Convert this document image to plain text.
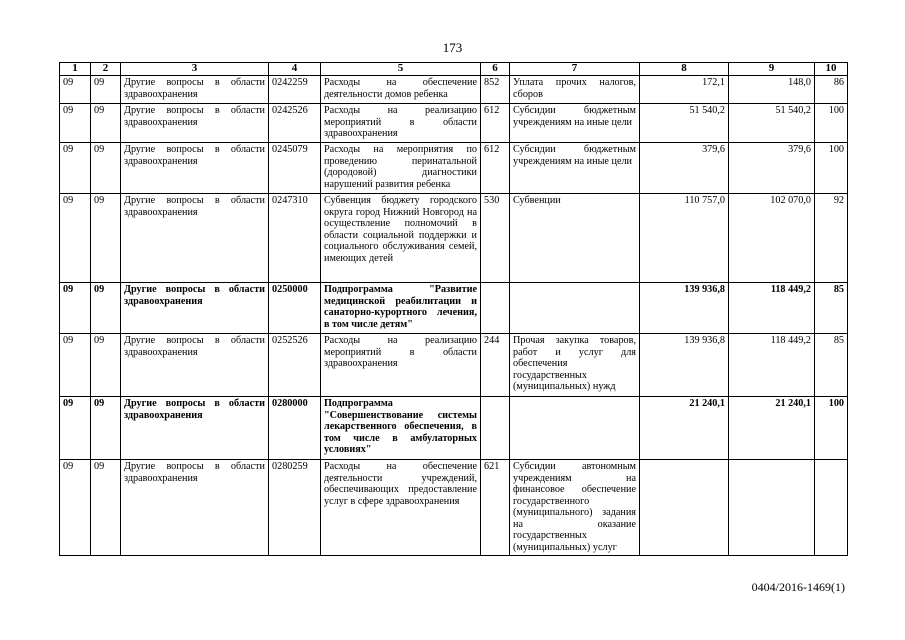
173
1	2	3	4	5	6	7	8	9	10
09	09	Другие вопросы в области здравоохранения	0242259	Расходы на обеспечение деятельности домов ребенка	852	Уплата прочих налогов, сборов	172,1	148,0	86
09	09	Другие вопросы в области здравоохранения	0242526	Расходы на реализацию мероприятий в области здравоохранения	612	Субсидии бюджетным учреждениям на иные цели	51 540,2	51 540,2	100
09	09	Другие вопросы в области здравоохранения	0245079	Расходы на мероприятия по проведению перинатальной (дородовой) диагностики нарушений развития ребенка	612	Субсидии бюджетным учреждениям на иные цели	379,6	379,6	100
09	09	Другие вопросы в области здравоохранения	0247310	Субвенция бюджету городского округа город Нижний Новгород на осуществление полномочий в области социальной поддержки и социального обслуживания семей, имеющих детей	530	Субвенции	110 757,0	102 070,0	92
09	09	Другие вопросы в области здравоохранения	0250000	Подпрограмма "Развитие медицинской реабилитации и санаторно-курортного лечения, в том числе детям"			139 936,8	118 449,2	85
09	09	Другие вопросы в области здравоохранения	0252526	Расходы на реализацию мероприятий в области здравоохранения	244	Прочая закупка товаров, работ и услуг для обеспечения государственных (муниципальных) нужд	139 936,8	118 449,2	85
09	09	Другие вопросы в области здравоохранения	0280000	Подпрограмма "Совершенствование системы лекарственного обеспечения, в том числе в амбулаторных условиях"			21 240,1	21 240,1	100
09	09	Другие вопросы в области здравоохранения	0280259	Расходы на обеспечение деятельности учреждений, обеспечивающих предоставление услуг в сфере здравоохранения	621	Субсидии автономным учреждениям на финансовое обеспечение государственного (муниципального) задания на оказание государственных (муниципальных) услуг			
0404/2016-1469(1)
